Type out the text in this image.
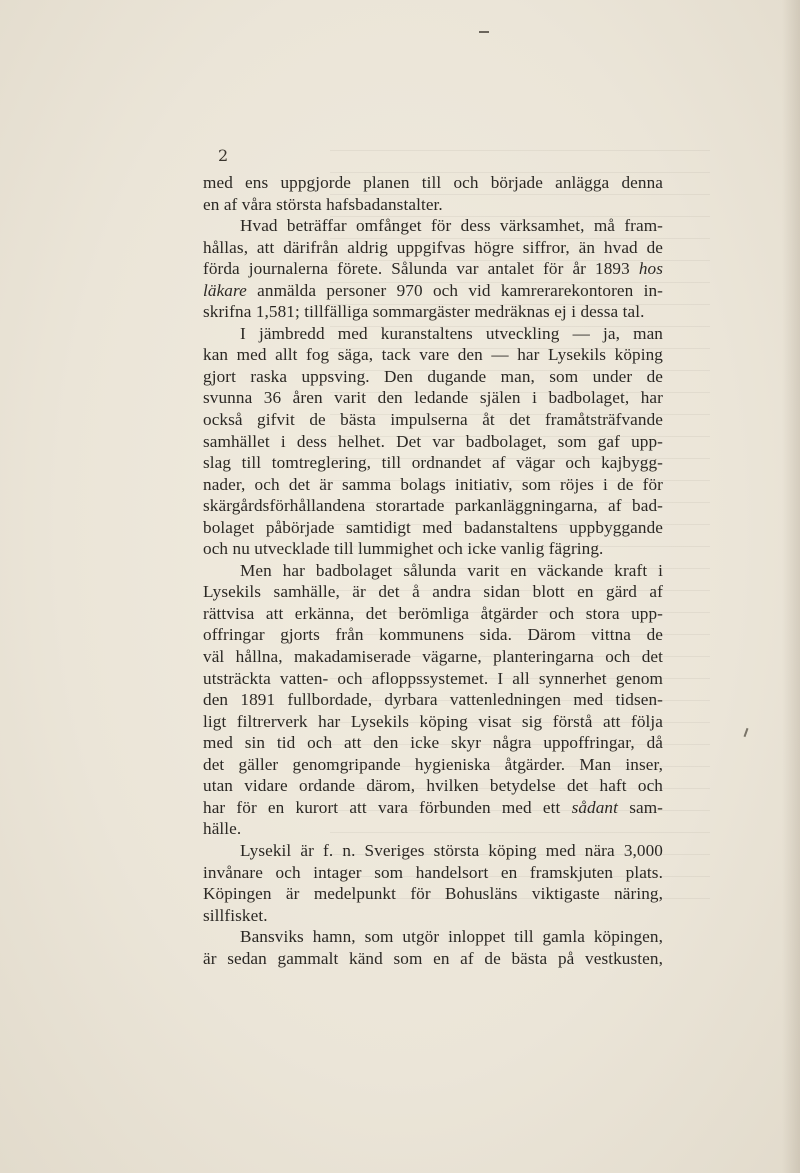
2

med ens uppgjorde planen till och började anlägga denna

en af våra största hafsbadanstalter.

Hvad beträffar omfånget för dess värksamhet, må fram-

hållas, att därifrån aldrig uppgifvas högre siffror, än hvad de

förda journalerna förete. Sålunda var antalet för år 1893 hos

läkare anmälda personer 970 och vid kamrerarekontoren in-

skrifna 1,581; tillfälliga sommargäster medräknas ej i dessa tal.

I jämbredd med kuranstaltens utveckling — ja, man

kan med allt fog säga, tack vare den — har Lysekils köping

gjort raska uppsving. Den dugande man, som under de

svunna 36 åren varit den ledande själen i badbolaget, har

också gifvit de bästa impulserna åt det framåtsträfvande

samhället i dess helhet. Det var badbolaget, som gaf upp-

slag till tomtreglering, till ordnandet af vägar och kajbygg-

nader, och det är samma bolags initiativ, som röjes i de för

skärgårdsförhållandena storartade parkanläggningarna, af bad-

bolaget påbörjade samtidigt med badanstaltens uppbyggande

och nu utvecklade till lummighet och icke vanlig fägring.

Men har badbolaget sålunda varit en väckande kraft i

Lysekils samhälle, är det å andra sidan blott en gärd af

rättvisa att erkänna, det berömliga åtgärder och stora upp-

offringar gjorts från kommunens sida. Därom vittna de

väl hållna, makadamiserade vägarne, planteringarna och det

utsträckta vatten- och afloppssystemet. I all synnerhet genom

den 1891 fullbordade, dyrbara vattenledningen med tidsen-

ligt filtrerverk har Lysekils köping visat sig förstå att följa

med sin tid och att den icke skyr några uppoffringar, då

det gäller genomgripande hygieniska åtgärder. Man inser,

utan vidare ordande därom, hvilken betydelse det haft och

har för en kurort att vara förbunden med ett sådant sam-

hälle.

Lysekil är f. n. Sveriges största köping med nära 3,000

invånare och intager som handelsort en framskjuten plats.

Köpingen är medelpunkt för Bohusläns viktigaste näring,

sillfisket.

Bansviks hamn, som utgör inloppet till gamla köpingen,

är sedan gammalt känd som en af de bästa på vestkusten,
